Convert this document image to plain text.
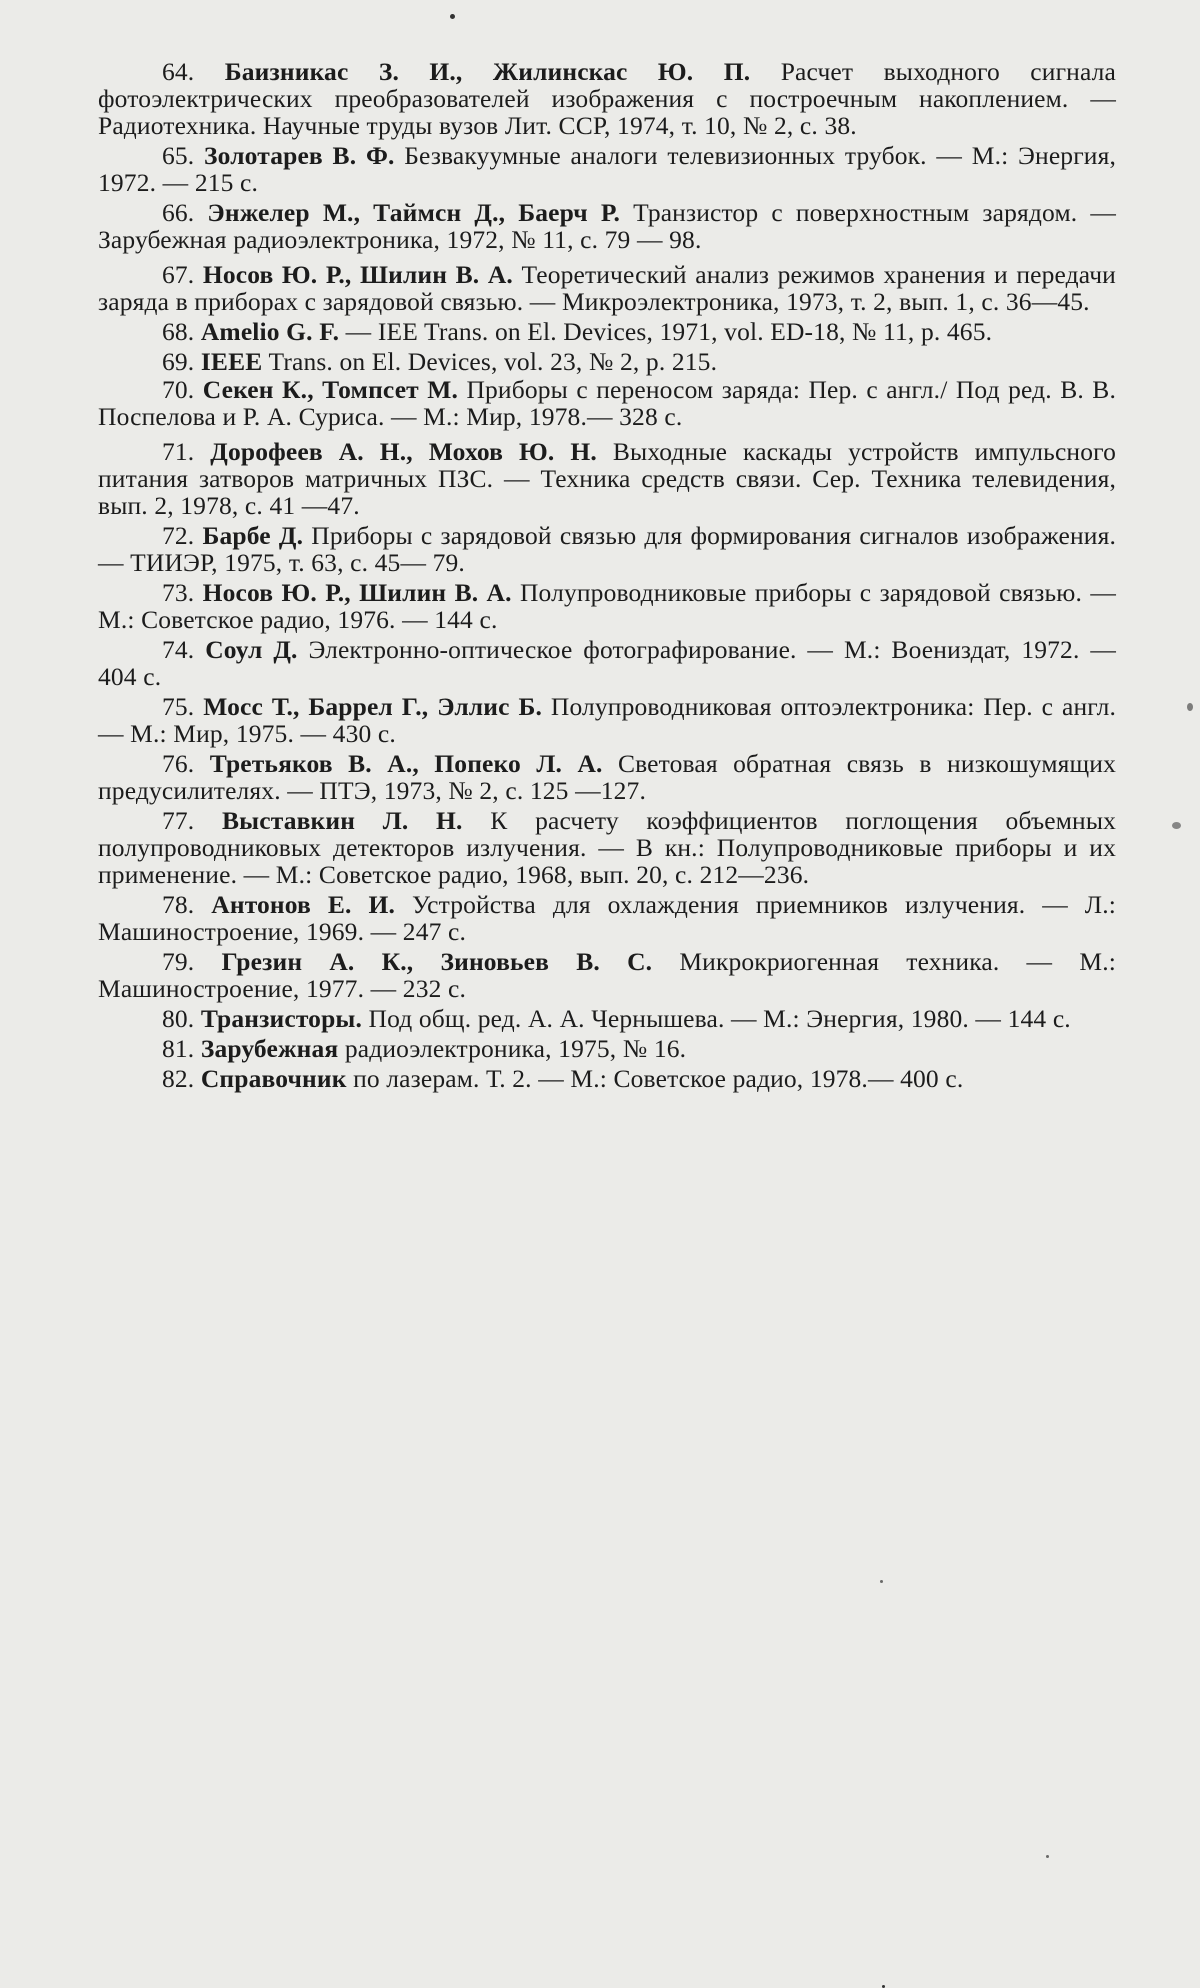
64. Баизникас З. И., Жилинскас Ю. П. Расчет выходного сигнала фотоэлектрических преобразователей изображения с построечным накоплением. — Радиотехника. Научные труды вузов Лит. ССР, 1974, т. 10, № 2, с. 38.

65. Золотарев В. Ф. Безвакуумные аналоги телевизионных трубок. — М.: Энергия, 1972. — 215 с.

66. Энжелер М., Таймсн Д., Баерч Р. Транзистор с поверхностным зарядом. — Зарубежная радиоэлектроника, 1972, № 11, с. 79 — 98.

67. Носов Ю. Р., Шилин В. А. Теоретический анализ режимов хранения и передачи заряда в приборах с зарядовой связью. — Микроэлектроника, 1973, т. 2, вып. 1, с. 36—45.

68. Amelio G. F. — IEE Trans. on El. Devices, 1971, vol. ED-18, № 11, p. 465.

69. IEEE Trans. on El. Devices, vol. 23, № 2, p. 215.

70. Секен К., Томпсет М. Приборы с переносом заряда: Пер. с англ./ Под ред. В. В. Поспелова и Р. А. Суриса. — М.: Мир, 1978.— 328 с.

71. Дорофеев А. Н., Мохов Ю. Н. Выходные каскады устройств импульсного питания затворов матричных ПЗС. — Техника средств связи. Сер. Техника телевидения, вып. 2, 1978, с. 41 —47.

72. Барбе Д. Приборы с зарядовой связью для формирования сигналов изображения. — ТИИЭР, 1975, т. 63, с. 45— 79.

73. Носов Ю. Р., Шилин В. А. Полупроводниковые приборы с зарядовой связью. — М.: Советское радио, 1976. — 144 с.

74. Соул Д. Электронно-оптическое фотографирование. — М.: Воениздат, 1972. — 404 с.

75. Мосс Т., Баррел Г., Эллис Б. Полупроводниковая оптоэлектроника: Пер. с англ. — М.: Мир, 1975. — 430 с.

76. Третьяков В. А., Попеко Л. А. Световая обратная связь в низкошумящих предусилителях. — ПТЭ, 1973, № 2, с. 125 —127.

77. Выставкин Л. Н. К расчету коэффициентов поглощения объемных полупроводниковых детекторов излучения. — В кн.: Полупроводниковые приборы и их применение. — М.: Советское радио, 1968, вып. 20, с. 212—236.

78. Антонов Е. И. Устройства для охлаждения приемников излучения. — Л.: Машиностроение, 1969. — 247 с.

79. Грезин А. К., Зиновьев В. С. Микрокриогенная техника. — М.: Машиностроение, 1977. — 232 с.

80. Транзисторы. Под общ. ред. А. А. Чернышева. — М.: Энергия, 1980. — 144 с.

81. Зарубежная радиоэлектроника, 1975, № 16.

82. Справочник по лазерам. Т. 2. — М.: Советское радио, 1978.— 400 с.
